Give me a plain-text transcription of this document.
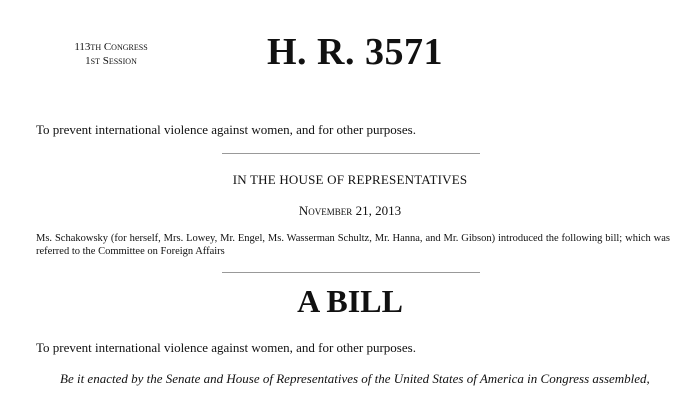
113th Congress
1st Session	H. R. 3571
To prevent international violence against women, and for other purposes.
IN THE HOUSE OF REPRESENTATIVES
November 21, 2013
Ms. Schakowsky (for herself, Mrs. Lowey, Mr. Engel, Ms. Wasserman Schultz, Mr. Hanna, and Mr. Gibson) introduced the following bill; which was referred to the Committee on Foreign Affairs
A BILL
To prevent international violence against women, and for other purposes.
Be it enacted by the Senate and House of Representatives of the United States of America in Congress assembled,
